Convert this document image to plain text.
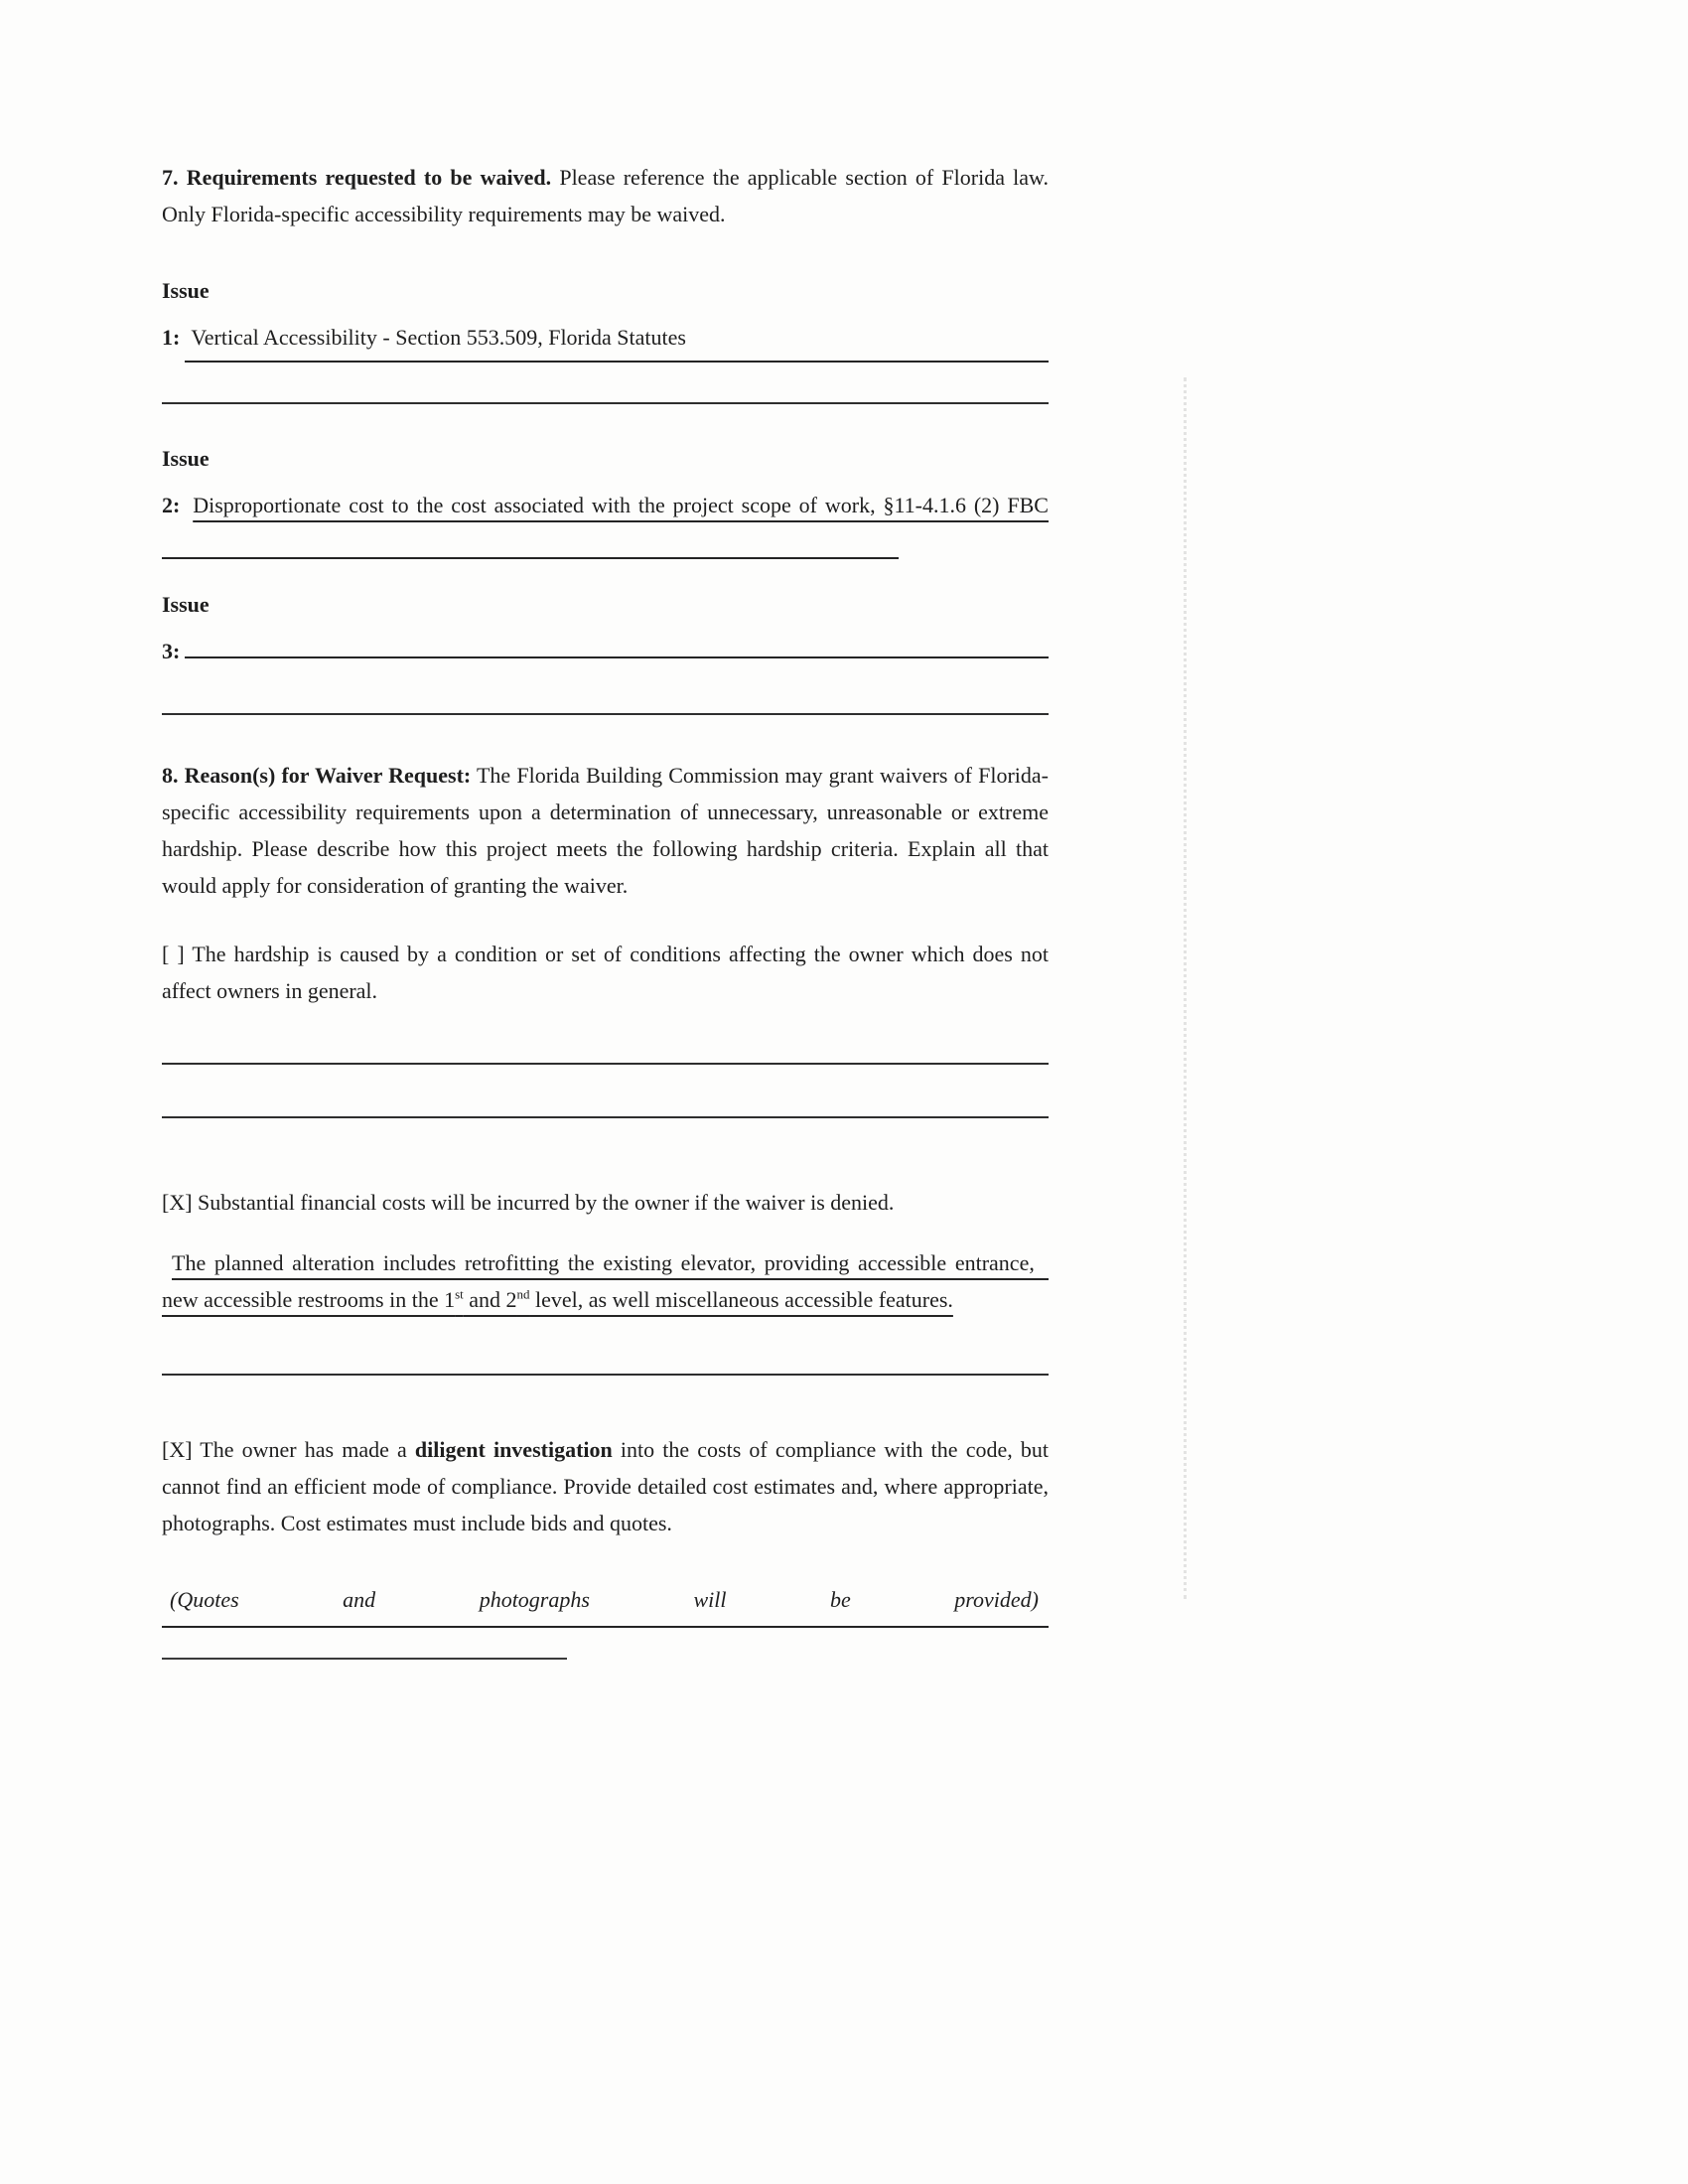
7. Requirements requested to be waived. Please reference the applicable section of Florida law. Only Florida-specific accessibility requirements may be waived.

Issue
1: Vertical Accessibility - Section 553.509, Florida Statutes
Issue

2: Disproportionate cost to the cost associated with the project scope of work, §11-4.1.6 (2) FBC

Issue
3:

8. Reason(s) for Waiver Request: The Florida Building Commission may grant waivers of Florida-specific accessibility requirements upon a determination of unnecessary, unreasonable or extreme hardship. Please describe how this project meets the following hardship criteria. Explain all that would apply for consideration of granting the waiver.

[ ] The hardship is caused by a condition or set of conditions affecting the owner which does not affect owners in general.

[X] Substantial financial costs will be incurred by the owner if the waiver is denied.

The planned alteration includes retrofitting the existing elevator, providing accessible entrance,   new accessible restrooms in the 1st and 2nd level, as well miscellaneous accessible features.

[X] The owner has made a diligent investigation into the costs of compliance with the code, but cannot find an efficient mode of compliance. Provide detailed cost estimates and, where appropriate, photographs. Cost estimates must include bids and quotes.

(Quotes	and	photographs	will	be	provided)
